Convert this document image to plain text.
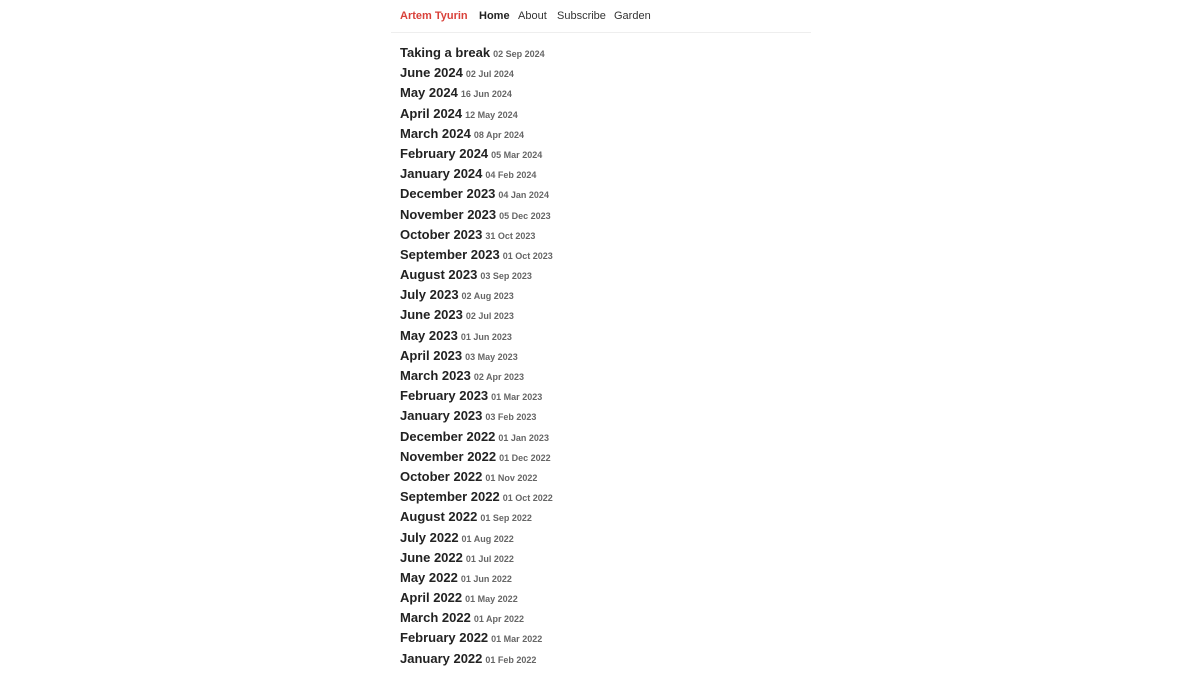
Artem Tyurin Home About Subscribe Garden
Taking a break 02 Sep 2024
June 2024 02 Jul 2024
May 2024 16 Jun 2024
April 2024 12 May 2024
March 2024 08 Apr 2024
February 2024 05 Mar 2024
January 2024 04 Feb 2024
December 2023 04 Jan 2024
November 2023 05 Dec 2023
October 2023 31 Oct 2023
September 2023 01 Oct 2023
August 2023 03 Sep 2023
July 2023 02 Aug 2023
June 2023 02 Jul 2023
May 2023 01 Jun 2023
April 2023 03 May 2023
March 2023 02 Apr 2023
February 2023 01 Mar 2023
January 2023 03 Feb 2023
December 2022 01 Jan 2023
November 2022 01 Dec 2022
October 2022 01 Nov 2022
September 2022 01 Oct 2022
August 2022 01 Sep 2022
July 2022 01 Aug 2022
June 2022 01 Jul 2022
May 2022 01 Jun 2022
April 2022 01 May 2022
March 2022 01 Apr 2022
February 2022 01 Mar 2022
January 2022 01 Feb 2022
